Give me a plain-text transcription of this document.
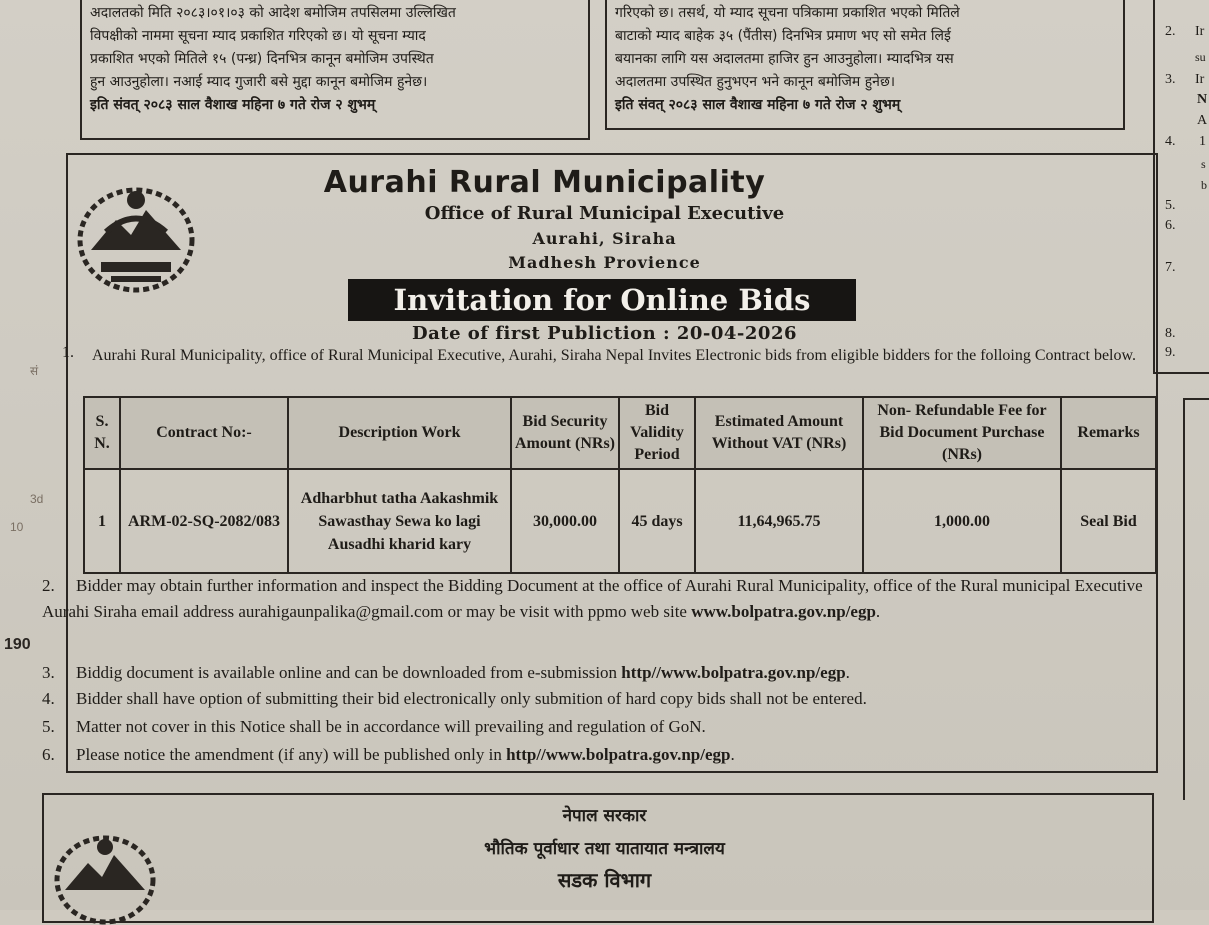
अदालतको मिति २०८३।०१।०३ को आदेश बमोजिम तपसिलमा उल्लिखित

विपक्षीको नाममा सूचना म्याद प्रकाशित गरिएको छ। यो सूचना म्याद

प्रकाशित भएको मितिले १५ (पन्ध्र) दिनभित्र कानून बमोजिम उपस्थित

हुन आउनुहोला। नआई म्याद गुजारी बसे मुद्दा कानून बमोजिम हुनेछ।

इति संवत् २०८३ साल वैशाख महिना ७ गते रोज २ शुभम्

गरिएको छ। तसर्थ, यो म्याद सूचना पत्रिकामा प्रकाशित भएको मितिले

बाटाको म्याद बाहेक ३५ (पैंतीस) दिनभित्र प्रमाण भए सो समेत लिई

बयानका लागि यस अदालतमा हाजिर हुन आउनुहोला। म्यादभित्र यस

अदालतमा उपस्थित हुनुभएन भने कानून बमोजिम हुनेछ।

इति संवत् २०८३ साल वैशाख महिना ७ गते रोज २ शुभम्

2. Ir
su
3. Ir
N
A
4. 1
s
b
5.
6.
7.
8.
9.
सं
3d
10
190
Aurahi Rural Municipality
Office of Rural Municipal Executive
Aurahi, Siraha
Madhesh Provience
Invitation for Online Bids
Date of first Publiction : 20-04-2026
1. Aurahi Rural Municipality, office of Rural Municipal Executive, Aurahi, Siraha Nepal Invites Electronic bids from eligible bidders for the folloing Contract below.
S. N.	Contract No:-	Description Work	Bid Security Amount (NRs)	Bid Validity Period	Estimated Amount Without VAT (NRs)	Non- Refundable Fee for Bid Document Purchase (NRs)	Remarks
1	ARM-02-SQ-2082/083	Adharbhut tatha Aakashmik Sawasthay Sewa ko lagi Ausadhi kharid kary	30,000.00	45 days	11,64,965.75	1,000.00	Seal Bid
2. Bidder may obtain further information and inspect the Bidding Document at the office of Aurahi Rural Municipality, office of the Rural municipal Executive Aurahi Siraha email address aurahigaunpalika@gmail.com or may be visit with ppmo web site www.bolpatra.gov.np/egp.
3. Biddig document is available online and can be downloaded from e-submission http//www.bolpatra.gov.np/egp.
4. Bidder shall have option of submitting their bid electronically only submition of hard copy bids shall not be entered.
5. Matter not cover in this Notice shall be in accordance will prevailing and regulation of GoN.
6. Please notice the amendment (if any) will be published only in http//www.bolpatra.gov.np/egp.
नेपाल सरकार
भौतिक पूर्वाधार तथा यातायात मन्त्रालय
सडक विभाग
